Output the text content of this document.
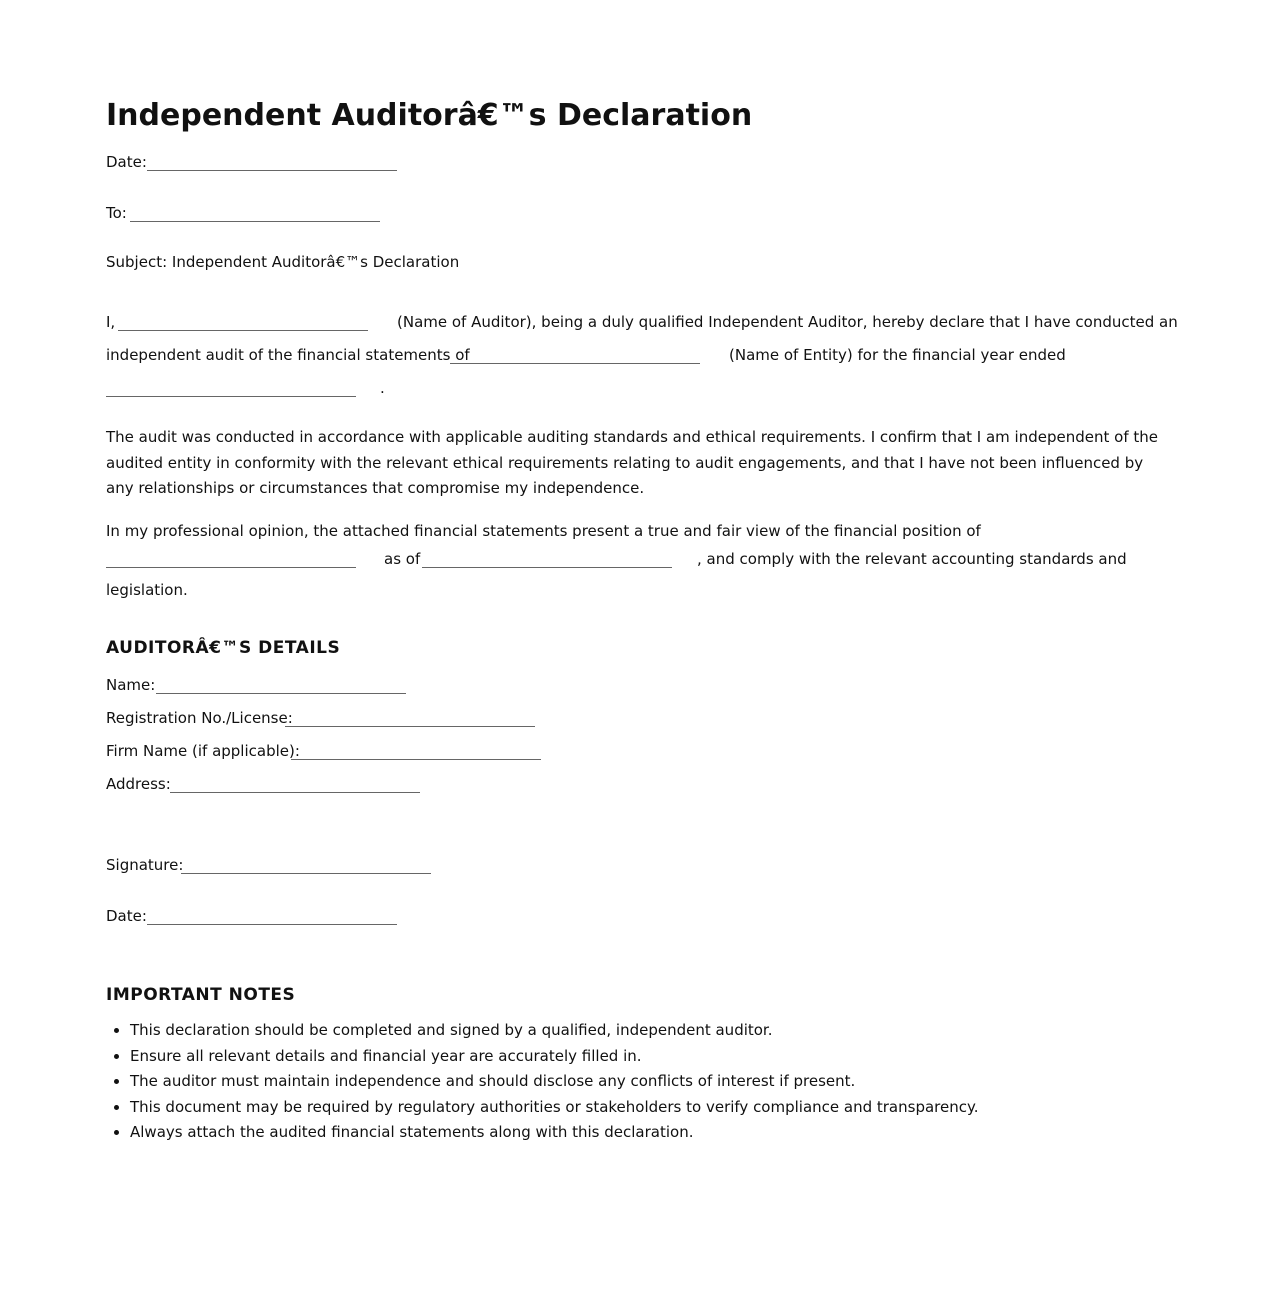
Independent Auditorâ€™s Declaration
Date:
To:
Subject: Independent Auditorâ€™s Declaration
I,	(Name of Auditor), being a duly qualified Independent Auditor, hereby declare that I have conducted an
independent audit of the financial statements of	(Name of Entity) for the financial year ended
.
The audit was conducted in accordance with applicable auditing standards and ethical requirements. I confirm that I am independent of the audited entity in conformity with the relevant ethical requirements relating to audit engagements, and that I have not been influenced by any relationships or circumstances that compromise my independence.
In my professional opinion, the attached financial statements present a true and fair view of the financial position of
as of	, and comply with the relevant accounting standards and
legislation.
AUDITORÂ€™S DETAILS
Name:
Registration No./License:
Firm Name (if applicable):
Address:
Signature:
Date:
IMPORTANT NOTES
• This declaration should be completed and signed by a qualified, independent auditor.
• Ensure all relevant details and financial year are accurately filled in.
• The auditor must maintain independence and should disclose any conflicts of interest if present.
• This document may be required by regulatory authorities or stakeholders to verify compliance and transparency.
• Always attach the audited financial statements along with this declaration.
